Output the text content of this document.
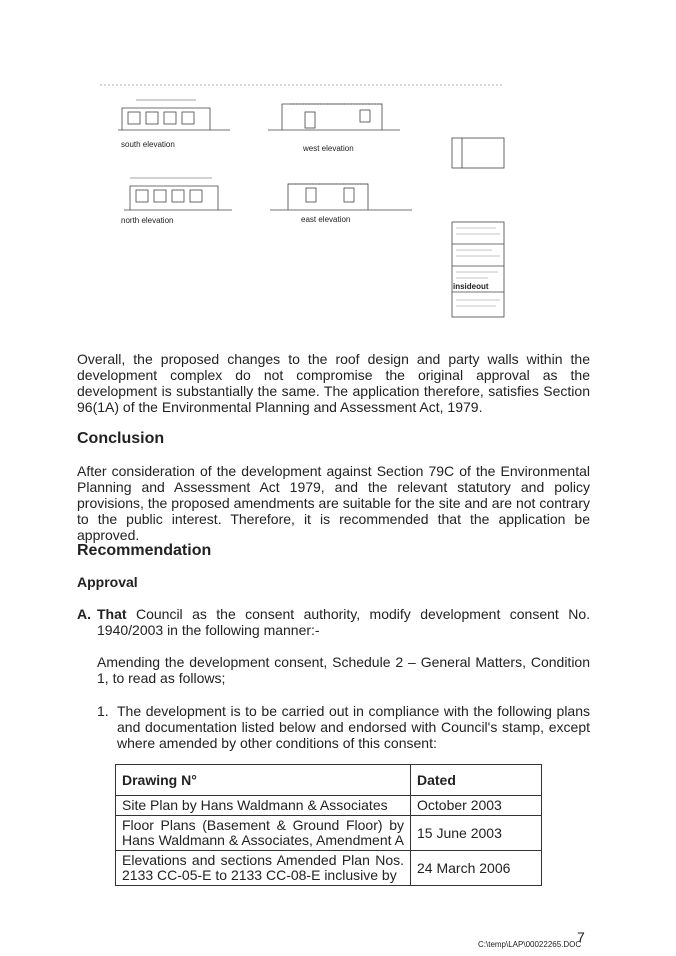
south elevation	west elevation
north elevation	east elevation
insideout

Overall, the proposed changes to the roof design and party walls within the development complex do not compromise the original approval as the development is substantially the same. The application therefore, satisfies Section 96(1A) of the Environmental Planning and Assessment Act, 1979.

Conclusion

After consideration of the development against Section 79C of the Environmental Planning and Assessment Act 1979, and the relevant statutory and policy provisions, the proposed amendments are suitable for the site and are not contrary to the public interest. Therefore, it is recommended that the application be approved.

Recommendation
Approval
A. That Council as the consent authority, modify development consent No. 1940/2003 in the following manner:-

Amending the development consent, Schedule 2 – General Matters, Condition 1, to read as follows;

1. The development is to be carried out in compliance with the following plans and documentation listed below and endorsed with Council's stamp, except where amended by other conditions of this consent:

Drawing N°	Dated
Site Plan by Hans Waldmann & Associates	October 2003
Floor Plans (Basement & Ground Floor) by Hans Waldmann & Associates, Amendment A	15 June 2003
Elevations and sections Amended Plan Nos. 2133 CC-05-E to 2133 CC-08-E inclusive by	24 March 2006
C:\temp\LAP\00022265.DOC
7
